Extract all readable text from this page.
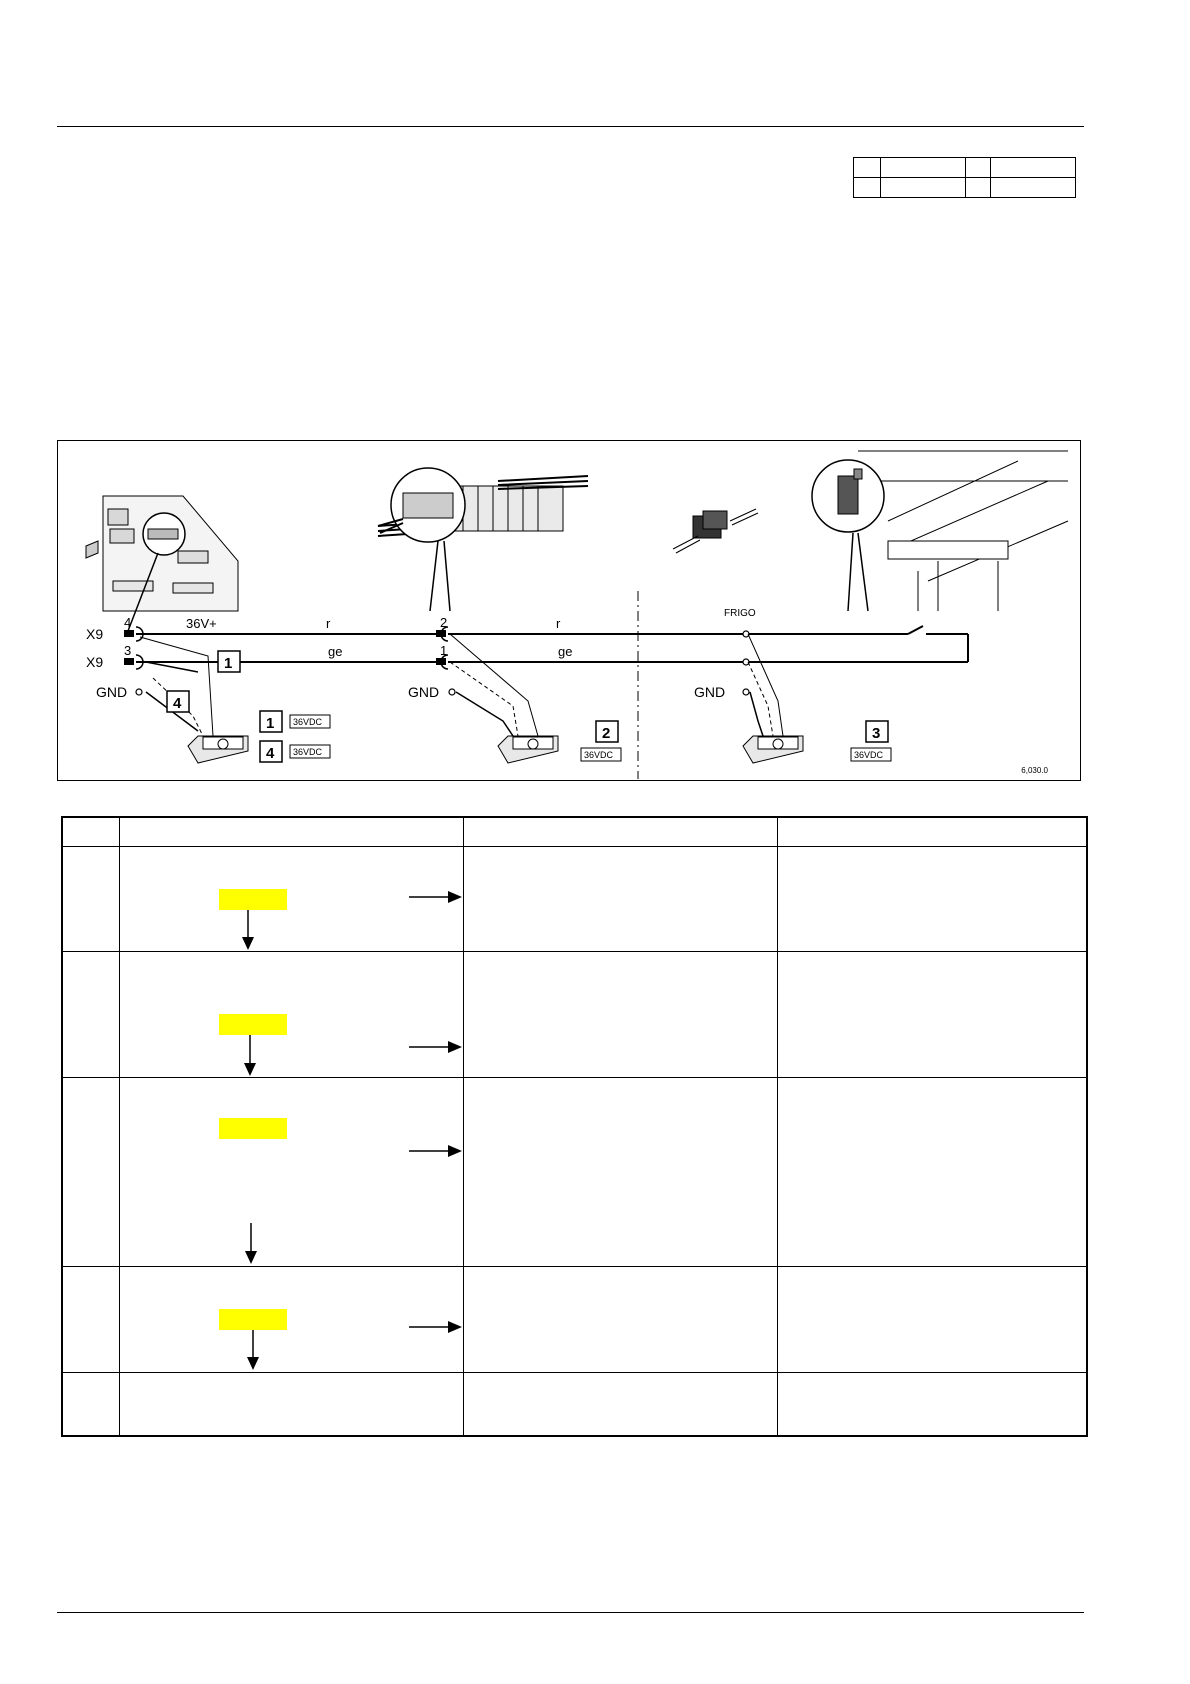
X9
X9
4
3
2
1
36V+	r	r
ge	ge
GND	GND	GND
FRIGO
1
4
2	3
1 36VDC
4 36VDC	36VDC	36VDC
6,030.0
